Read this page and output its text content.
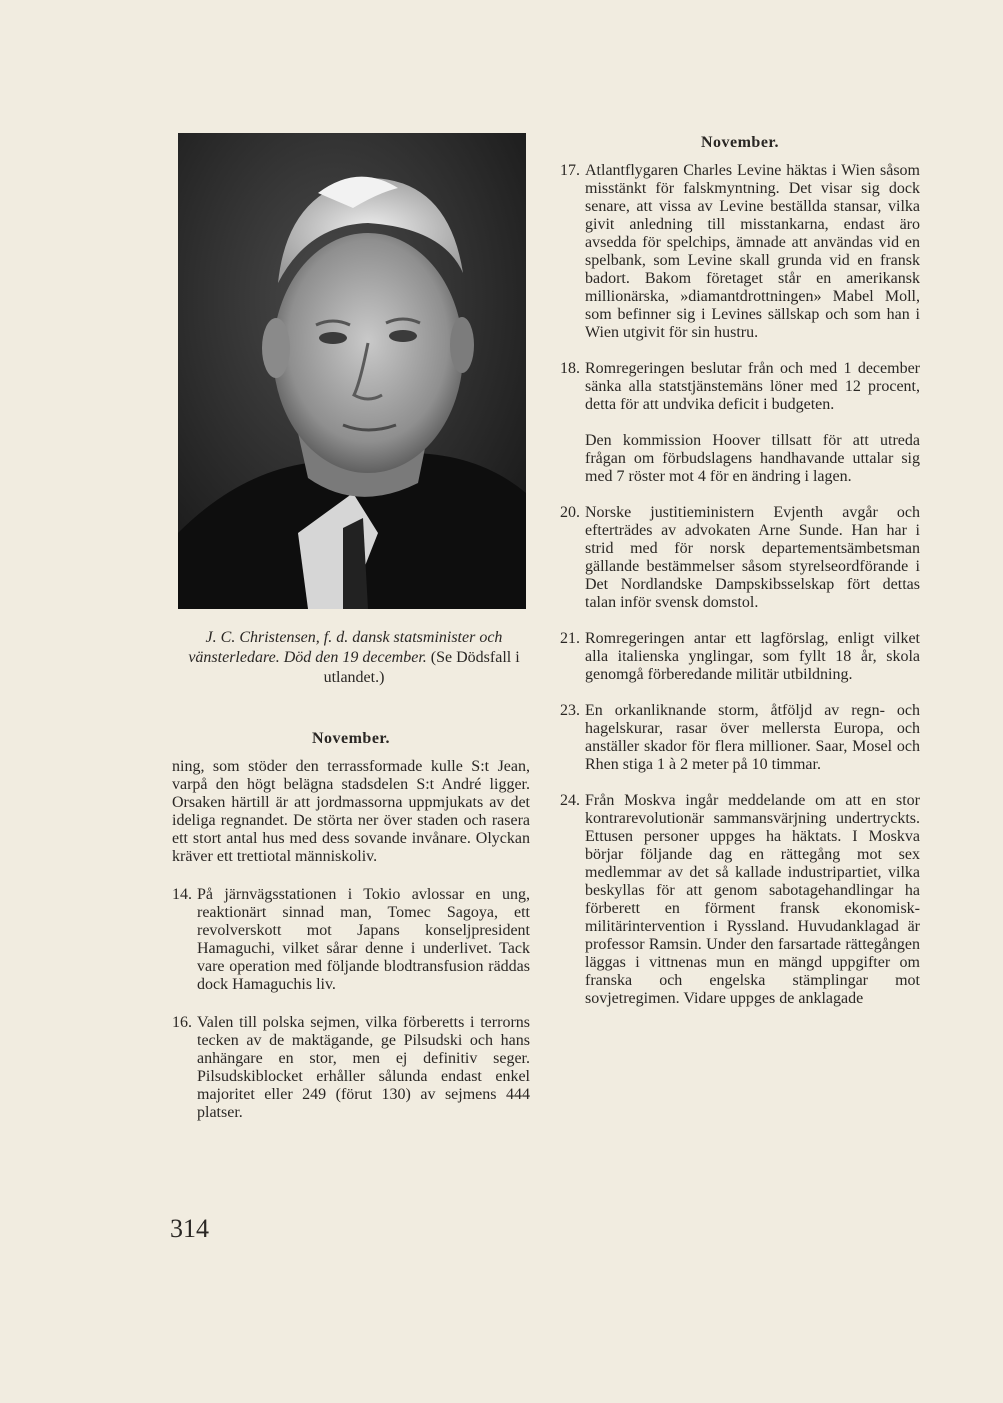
J. C. Christensen, f. d. dansk statsminister och vänsterledare. Död den 19 december. (Se Dödsfall i utlandet.)
November.
17. Atlantflygaren Charles Levine häktas i Wien såsom misstänkt för falskmyntning. Det visar sig dock senare, att vissa av Levine beställda stansar, vilka givit anledning till misstankarna, endast äro avsedda för spelchips, ämnade att användas vid en spelbank, som Levine skall grunda vid en fransk badort. Bakom företaget står en amerikansk millionärska, »diamantdrottningen» Mabel Moll, som befinner sig i Levines sällskap och som han i Wien utgivit för sin hustru.
18. Romregeringen beslutar från och med 1 december sänka alla statstjänstemäns löner med 12 procent, detta för att undvika deficit i budgeten.
Den kommission Hoover tillsatt för att utreda frågan om förbudslagens handhavande uttalar sig med 7 röster mot 4 för en ändring i lagen.
20. Norske justitieministern Evjenth avgår och efterträdes av advokaten Arne Sunde. Han har i strid med för norsk departementsämbetsman gällande bestämmelser såsom styrelseordförande i Det Nordlandske Dampskibsselskap fört dettas talan inför svensk domstol.
21. Romregeringen antar ett lagförslag, enligt vilket alla italienska ynglingar, som fyllt 18 år, skola genomgå förberedande militär utbildning.
23. En orkanliknande storm, åtföljd av regn- och hagelskurar, rasar över mellersta Europa, och anställer skador för flera millioner. Saar, Mosel och Rhen stiga 1 à 2 meter på 10 timmar.
24. Från Moskva ingår meddelande om att en stor kontrarevolutionär sammansvärjning undertryckts. Ettusen personer uppges ha häktats. I Moskva börjar följande dag en rättegång mot sex medlemmar av det så kallade industripartiet, vilka beskyllas för att genom sabotagehandlingar ha förberett en förment fransk ekonomisk-militärintervention i Ryssland. Huvudanklagad är professor Ramsin. Under den farsartade rättegången läggas i vittnenas mun en mängd uppgifter om franska och engelska stämplingar mot sovjetregimen. Vidare uppges de anklagade
November.

ning, som stöder den terrassformade kulle S:t Jean, varpå den högt belägna stadsdelen S:t André ligger. Orsaken härtill är att jordmassorna uppmjukats av det ideliga regnandet. De störta ner över staden och rasera ett stort antal hus med dess sovande invånare. Olyckan kräver ett trettiotal människoliv.

14. På järnvägsstationen i Tokio avlossar en ung, reaktionärt sinnad man, Tomec Sagoya, ett revolverskott mot Japans konseljpresident Hamaguchi, vilket sårar denne i underlivet. Tack vare operation med följande blodtransfusion räddas dock Hamaguchis liv.
16. Valen till polska sejmen, vilka förberetts i terrorns tecken av de maktägande, ge Pilsudski och hans anhängare en stor, men ej definitiv seger. Pilsudskiblocket erhåller sålunda endast enkel majoritet eller 249 (förut 130) av sejmens 444 platser.
314
